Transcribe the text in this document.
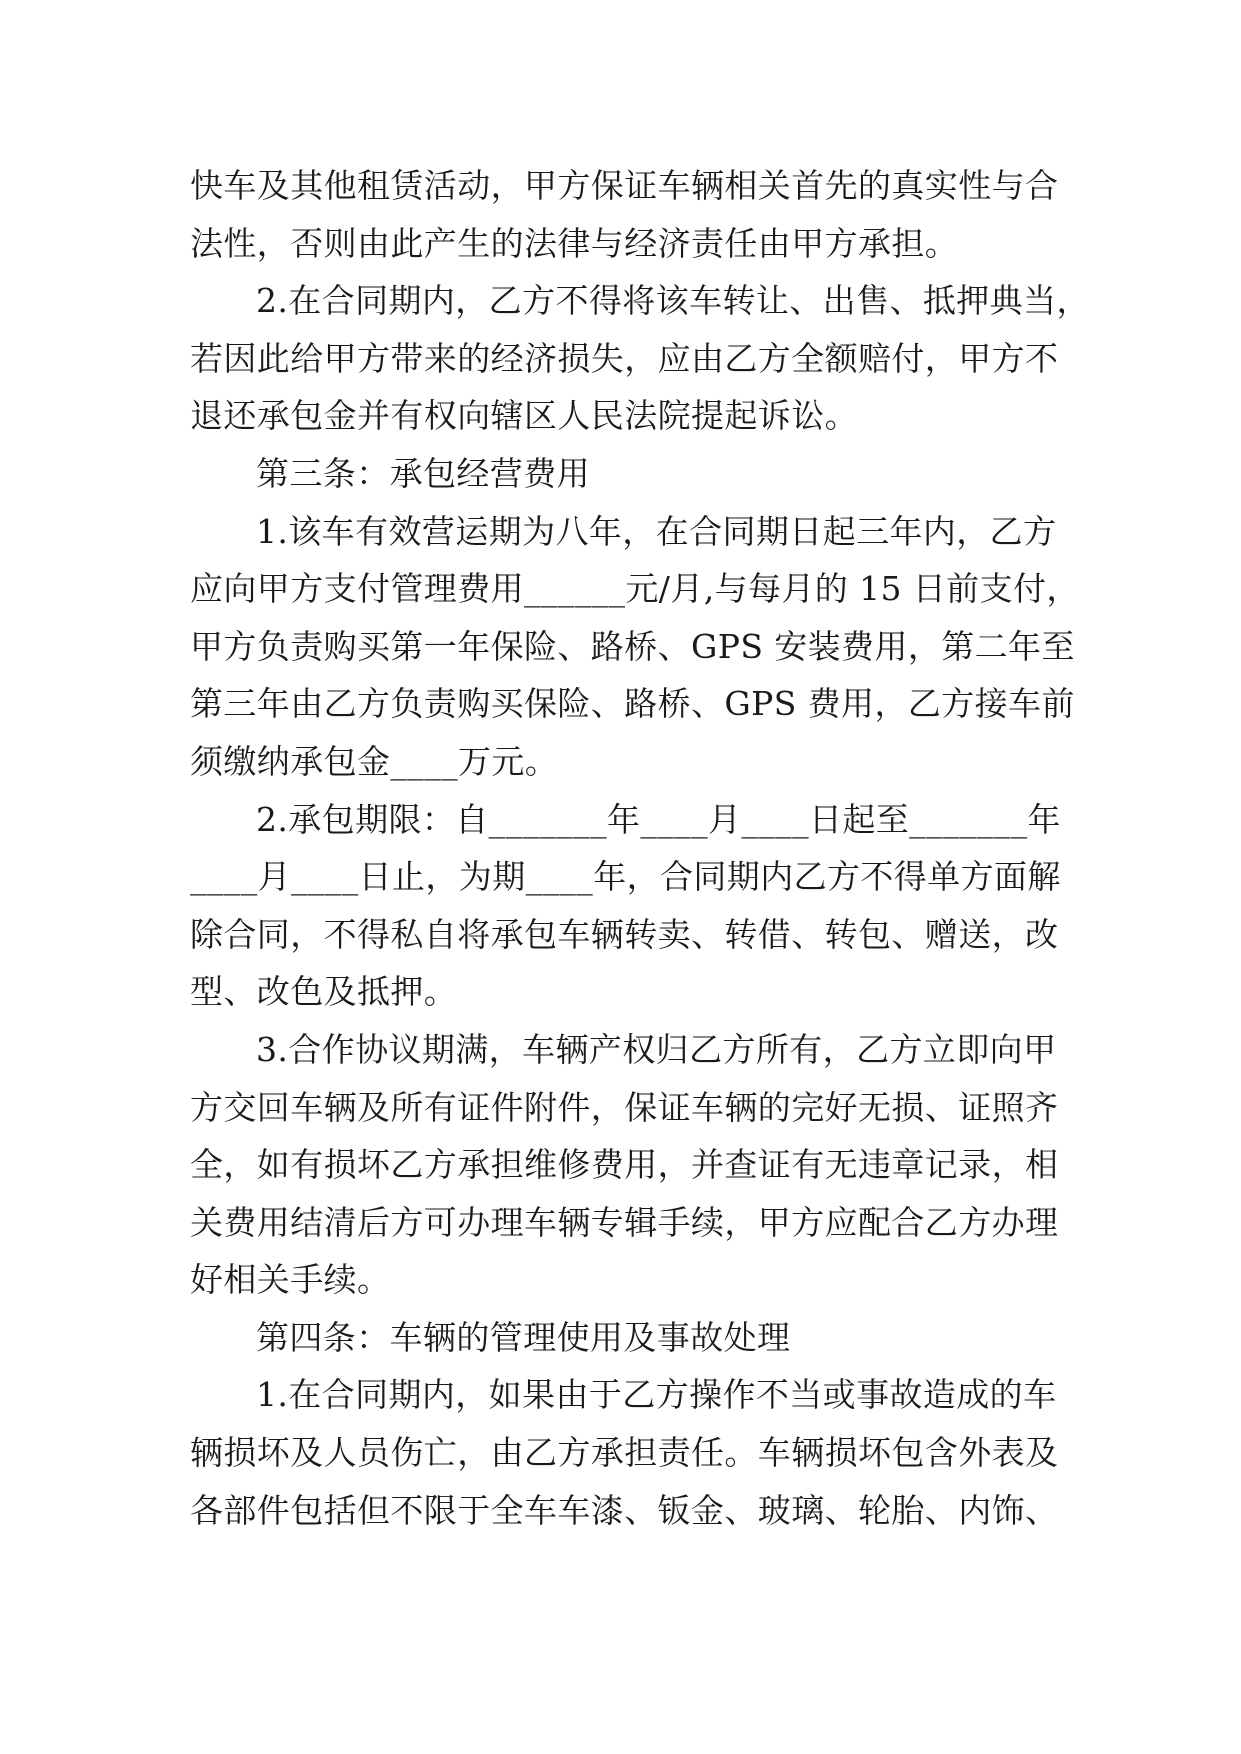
快车及其他租赁活动，甲方保证车辆相关首先的真实性与合
法性，否则由此产生的法律与经济责任由甲方承担。
2.在合同期内，乙方不得将该车转让、出售、抵押典当，
若因此给甲方带来的经济损失，应由乙方全额赔付，甲方不
退还承包金并有权向辖区人民法院提起诉讼。
第三条：承包经营费用
1.该车有效营运期为八年，在合同期日起三年内，乙方
应向甲方支付管理费用______元/月,与每月的 15 日前支付，
甲方负责购买第一年保险、路桥、GPS 安装费用，第二年至
第三年由乙方负责购买保险、路桥、GPS 费用，乙方接车前
须缴纳承包金____万元。
2.承包期限：自_______年____月____日起至_______年
____月____日止，为期____年，合同期内乙方不得单方面解
除合同，不得私自将承包车辆转卖、转借、转包、赠送，改
型、改色及抵押。
3.合作协议期满，车辆产权归乙方所有，乙方立即向甲
方交回车辆及所有证件附件，保证车辆的完好无损、证照齐
全，如有损坏乙方承担维修费用，并查证有无违章记录，相
关费用结清后方可办理车辆专辑手续，甲方应配合乙方办理
好相关手续。
第四条：车辆的管理使用及事故处理
1.在合同期内，如果由于乙方操作不当或事故造成的车
辆损坏及人员伤亡，由乙方承担责任。车辆损坏包含外表及
各部件包括但不限于全车车漆、钣金、玻璃、轮胎、内饰、
